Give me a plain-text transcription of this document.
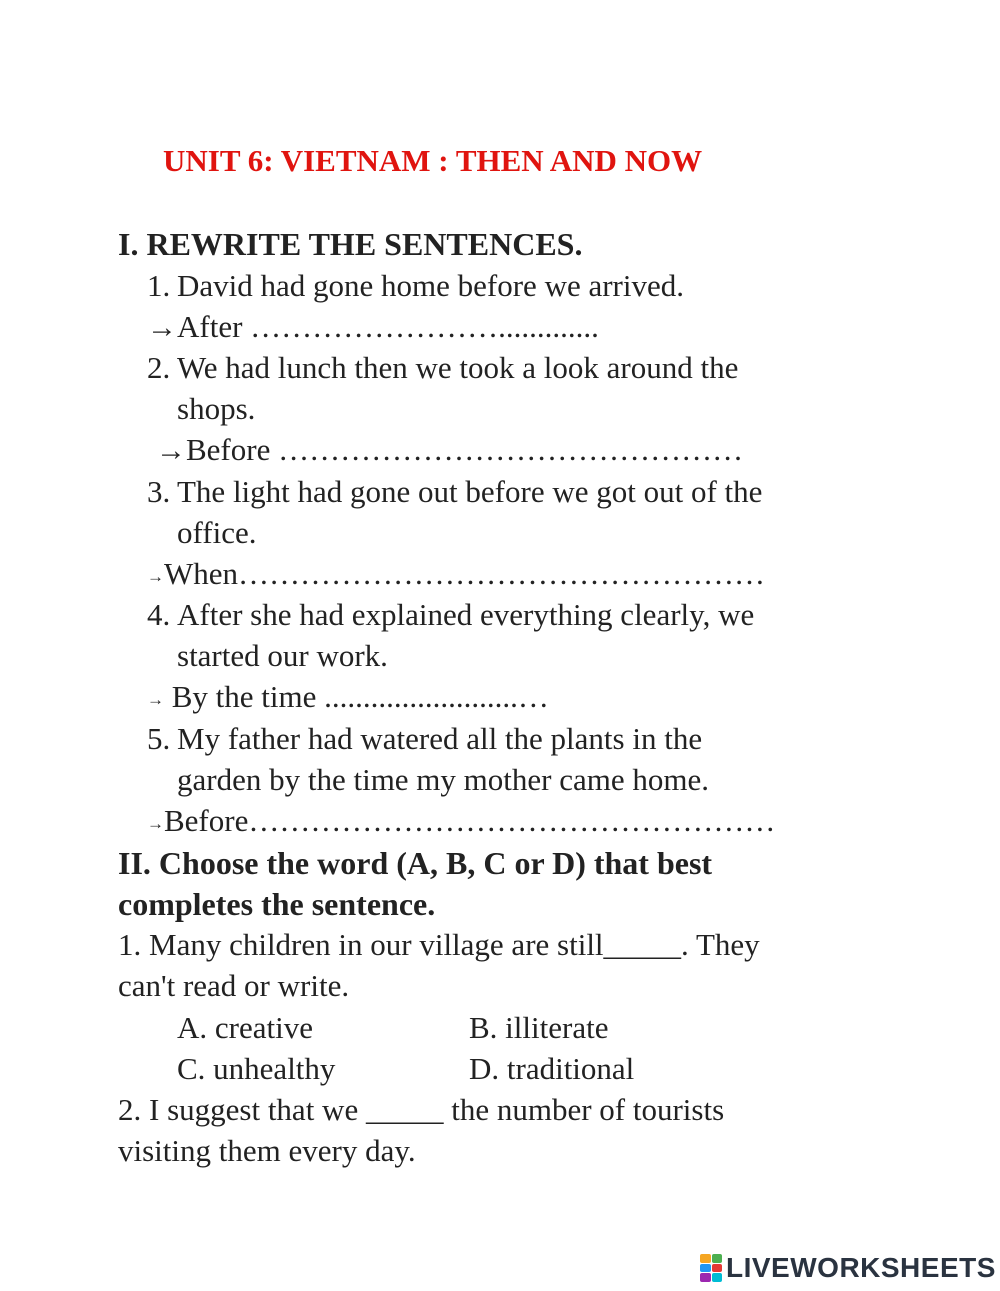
UNIT 6: VIETNAM : THEN AND NOW
I. REWRITE THE SENTENCES.
1. David had gone home before we arrived.
→After …………………….............
2. We had lunch then we took a look around the
shops.
→Before ………………………………………
3. The light had gone out before we got out of the
office.
→When……………………………………………
4. After she had explained everything clearly, we
started our work.
→ By the time .........................…
5. My father had watered all the plants in the
garden by the time my mother came home.
→Before……………………………………………
II. Choose the word (A, B, C or D) that best
completes the sentence.
1. Many children in our village are still_____. They
can't read or write.
A. creative	B. illiterate
C. unhealthy	D. traditional
2. I suggest that we _____ the number of tourists
visiting them every day.
LIVEWORKSHEETS
